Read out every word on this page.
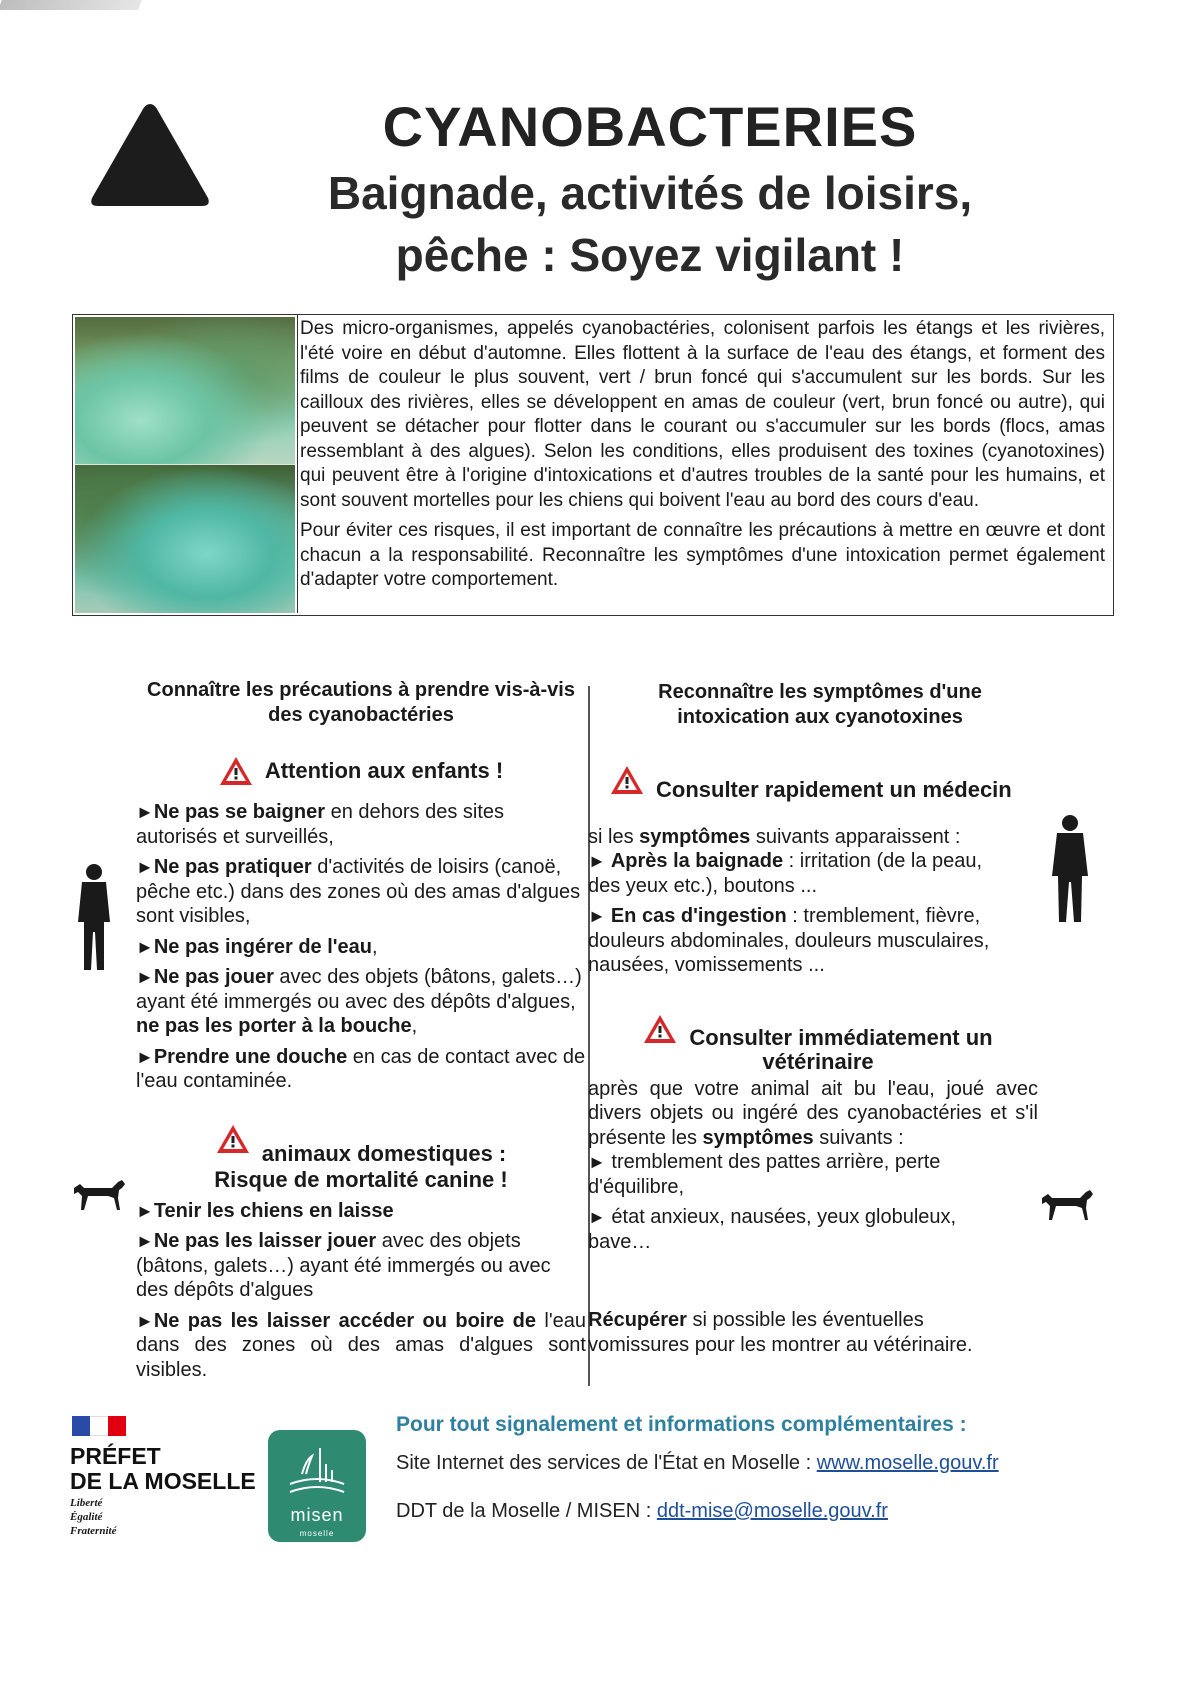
CYANOBACTERIES
Baignade, activités de loisirs,
pêche : Soyez vigilant !

Des micro-organismes, appelés cyanobactéries, colonisent parfois les étangs et les rivières, l'été voire en début d'automne. Elles flottent à la surface de l'eau des étangs, et forment des films de couleur le plus souvent, vert / brun foncé qui s'accumulent sur les bords. Sur les cailloux des rivières, elles se développent en amas de couleur (vert, brun foncé ou autre), qui peuvent se détacher pour flotter dans le courant ou s'accumuler sur les bords (flocs, amas ressemblant à des algues). Selon les conditions, elles produisent des toxines (cyanotoxines) qui peuvent être à l'origine d'intoxications et d'autres troubles de la santé pour les humains, et sont souvent mortelles pour les chiens qui boivent l'eau au bord des cours d'eau.

Pour éviter ces risques, il est important de connaître les précautions à mettre en œuvre et dont chacun a la responsabilité. Reconnaître les symptômes d'une intoxication permet également d'adapter votre comportement.

Connaître les précautions à prendre vis-à-vis des cyanobactéries
Attention aux enfants !
►Ne pas se baigner en dehors des sites autorisés et surveillés,
►Ne pas pratiquer d'activités de loisirs (canoë, pêche etc.) dans des zones où des amas d'algues sont visibles,
►Ne pas ingérer de l'eau,
►Ne pas jouer avec des objets (bâtons, galets…) ayant été immergés ou avec des dépôts d'algues, ne pas les porter à la bouche,
►Prendre une douche en cas de contact avec de l'eau contaminée.
animaux domestiques :
Risque de mortalité canine !
►Tenir les chiens en laisse
►Ne pas les laisser jouer avec des objets (bâtons, galets…) ayant été immergés ou avec des dépôts d'algues
►Ne pas les laisser accéder ou boire de l'eau dans des zones où des amas d'algues sont visibles.
Reconnaître les symptômes d'une intoxication aux cyanotoxines
Consulter rapidement un médecin
si les symptômes suivants apparaissent :
► Après la baignade : irritation (de la peau, des yeux etc.), boutons ...
► En cas d'ingestion : tremblement, fièvre, douleurs abdominales, douleurs musculaires, nausées, vomissements ...
Consulter immédiatement un
vétérinaire
après que votre animal ait bu l'eau, joué avec divers objets ou ingéré des cyanobactéries et s'il présente les symptômes suivants :
► tremblement des pattes arrière, perte d'équilibre,
► état anxieux, nausées, yeux globuleux, bave…
Récupérer si possible les éventuelles vomissures pour les montrer au vétérinaire.
PRÉFET
DE LA MOSELLE
Liberté
Égalité
Fraternité
misen
moselle
Pour tout signalement et informations complémentaires :
Site Internet des services de l'État en Moselle : www.moselle.gouv.fr
DDT de la Moselle / MISEN : ddt-mise@moselle.gouv.fr
